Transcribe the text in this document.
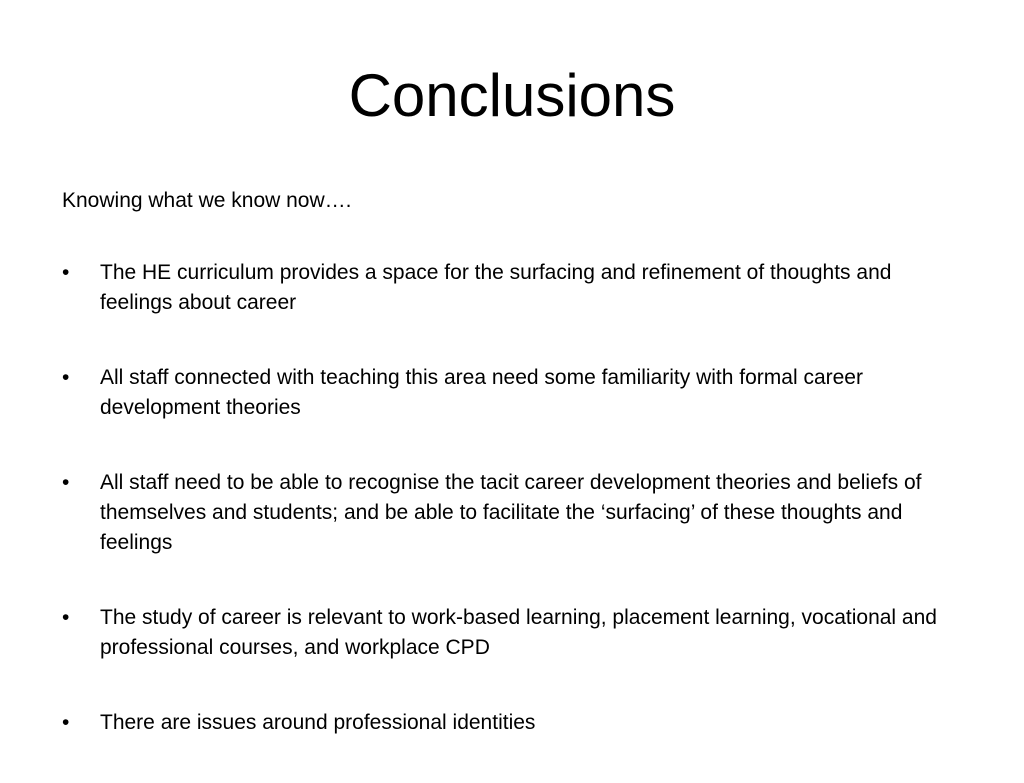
Conclusions

Knowing what we know now….

•	The HE curriculum provides a space for the surfacing and refinement of thoughts and feelings about career
•	All staff connected with teaching this area need some familiarity with formal career development theories
•	All staff need to be able to recognise the tacit career development theories and beliefs of themselves and students; and be able to facilitate the ‘surfacing’ of these thoughts and feelings
•	The study of career is relevant to work-based learning, placement learning, vocational and professional courses, and workplace CPD
•	There are issues around professional identities
